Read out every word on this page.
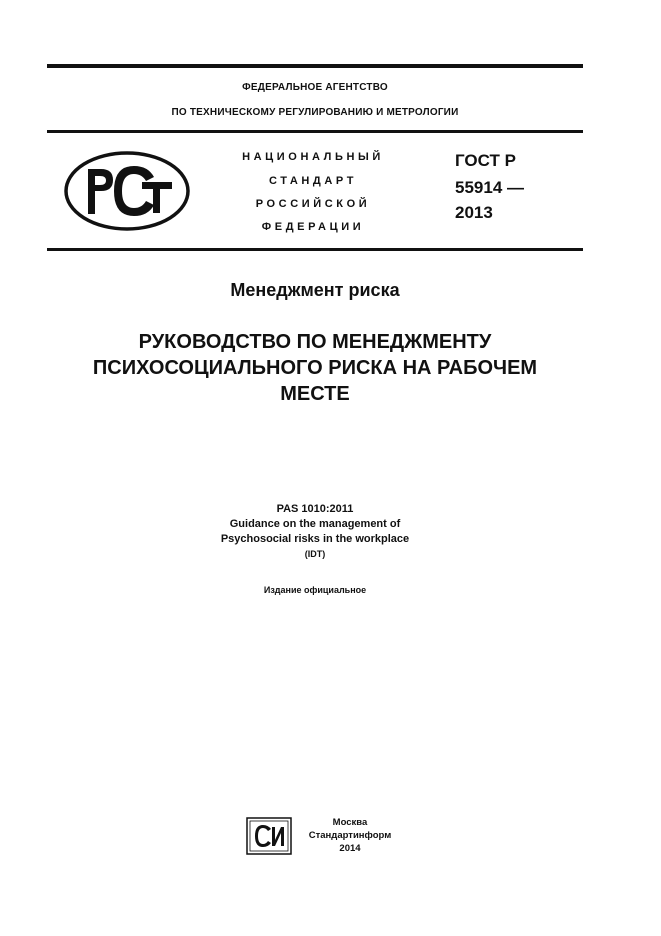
ФЕДЕРАЛЬНОЕ АГЕНТСТВО
ПО ТЕХНИЧЕСКОМУ РЕГУЛИРОВАНИЮ И МЕТРОЛОГИИ
НАЦИОНАЛЬНЫЙ
СТАНДАРТ
РОССИЙСКОЙ
ФЕДЕРАЦИИ
ГОСТ Р
55914 —
2013
Менеджмент риска
РУКОВОДСТВО ПО МЕНЕДЖМЕНТУ
ПСИХОСОЦИАЛЬНОГО РИСКА НА РАБОЧЕМ
МЕСТЕ
PAS 1010:2011
Guidance on the management of
Psychosocial risks in the workplace
(IDT)
Издание официальное
Москва
Стандартинформ
2014
